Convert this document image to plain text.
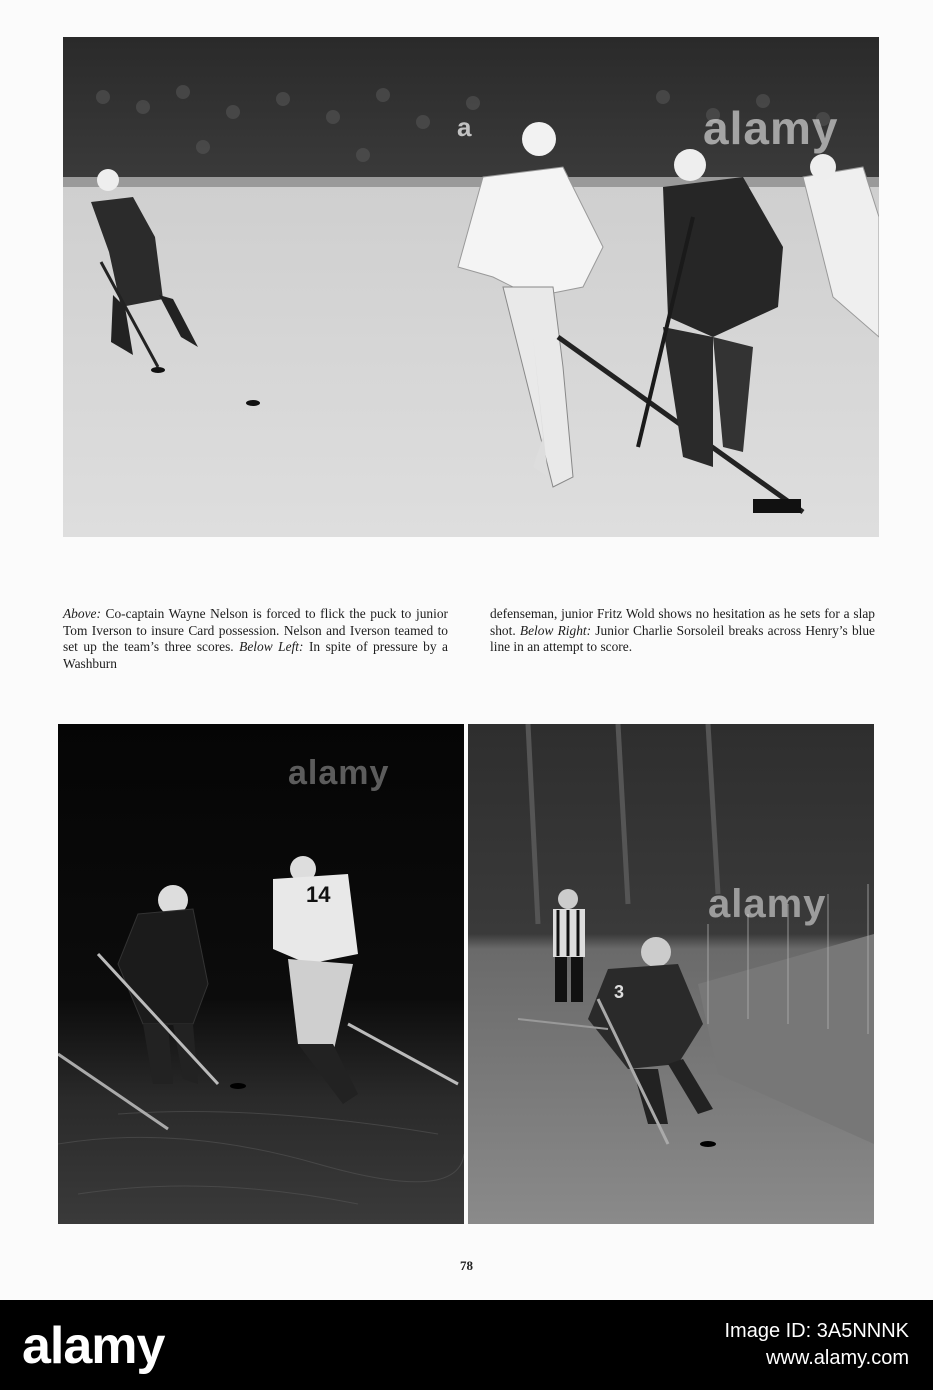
alamy
a
Above: Co-captain Wayne Nelson is forced to flick the puck to junior Tom Iverson to insure Card possession. Nelson and Iverson teamed to set up the team’s three scores. Below Left: In spite of pressure by a Washburn
defenseman, junior Fritz Wold shows no hesitation as he sets for a slap shot. Below Right: Junior Charlie Sorsoleil breaks across Henry’s blue line in an attempt to score.
14
alamy
3
alamy
78
alamy	Image ID: 3A5NNNK
www.alamy.com
